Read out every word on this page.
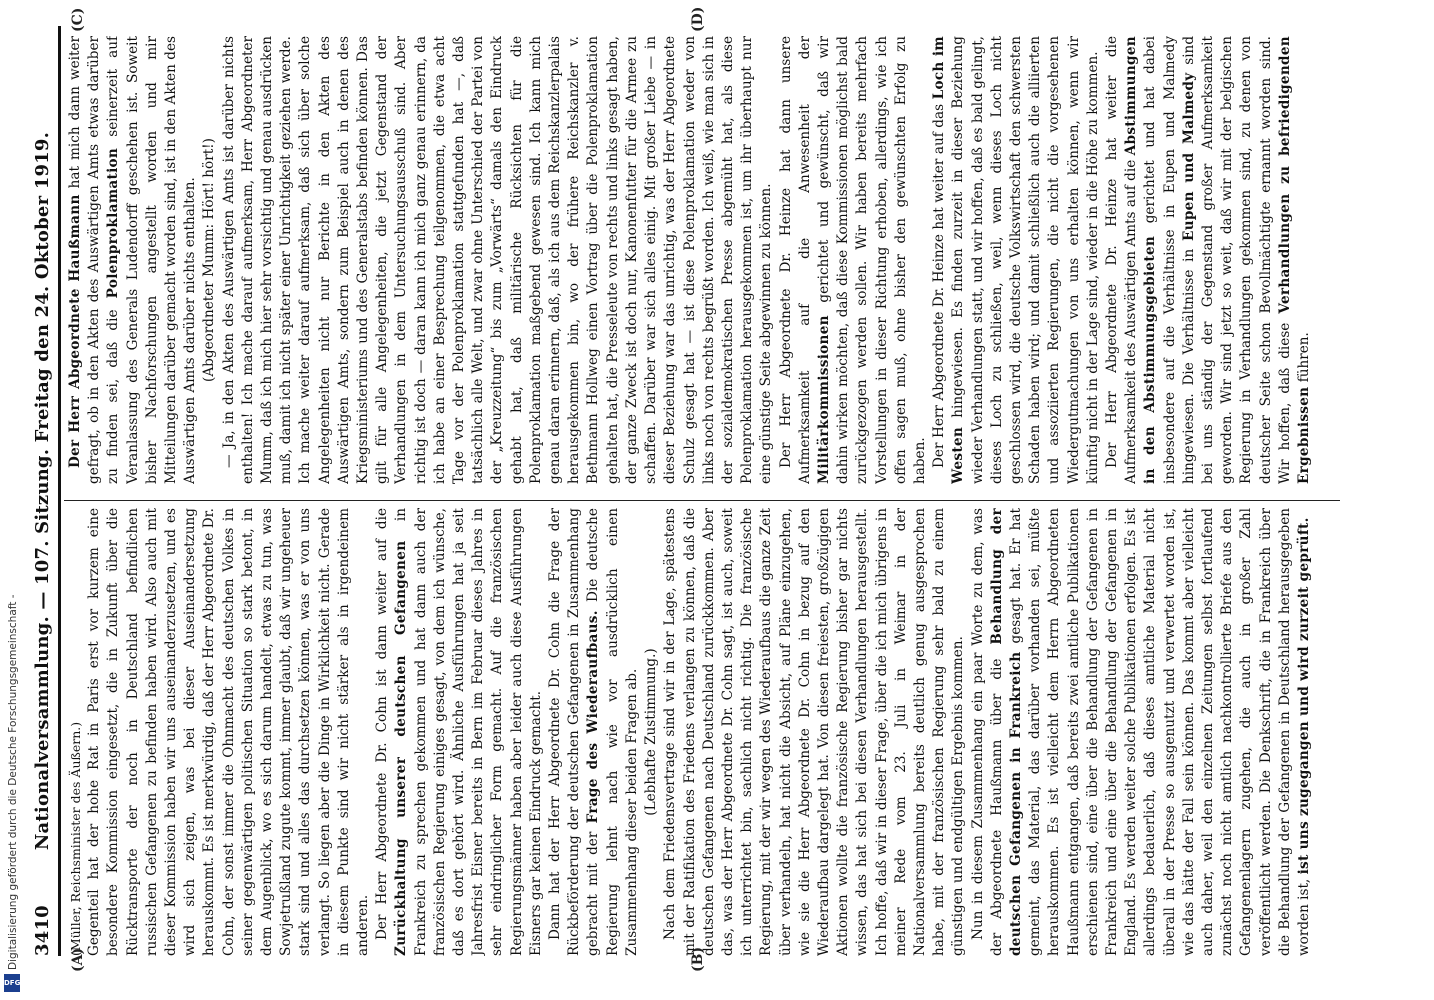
3410
Nationalversammlung. — 107. Sitzung. Freitag den 24. Oktober 1919.
(A)	(B)
(C)	(D)

(Müller, Reichsminister des Äußern.) Gegenteil hat der hohe Rat in Paris erst vor kurzem eine besondere Kommission eingesetzt, die in Zukunft über die Rücktransporte der noch in Deutschland befindlichen russischen Gefangenen zu befinden haben wird. Also auch mit dieser Kommission haben wir uns auseinanderzusetzen, und es wird sich zeigen, was bei dieser Auseinandersetzung herauskommt. Es ist merkwürdig, daß der Herr Abgeordnete Dr. Cohn, der sonst immer die Ohnmacht des deutschen Volkes in seiner gegenwärtigen politischen Situation so stark betont, in dem Augenblick, wo es sich darum handelt, etwas zu tun, was Sowjetrußland zugute kommt, immer glaubt, daß wir ungeheuer stark sind und alles das durchsetzen können, was er von uns verlangt. So liegen aber die Dinge in Wirklichkeit nicht. Gerade in diesem Punkte sind wir nicht stärker als in irgendeinem anderen. Der Herr Abgeordnete Dr. Cohn ist dann weiter auf die Zurückhaltung unserer deutschen Gefangenen in Frankreich zu sprechen gekommen und hat dann auch der französischen Regierung einiges gesagt, von dem ich wünsche, daß es dort gehört wird. Ähnliche Ausführungen hat ja seit Jahresfrist Eisner bereits in Bern im Februar dieses Jahres in sehr eindringlicher Form gemacht. Auf die französischen Regierungsmänner haben aber leider auch diese Ausführungen Eisners gar keinen Eindruck gemacht. Dann hat der Herr Abgeordnete Dr. Cohn die Frage der Rückbeförderung der deutschen Gefangenen in Zusammenhang gebracht mit der Frage des Wiederaufbaus. Die deutsche Regierung lehnt nach wie vor ausdrücklich einen Zusammenhang dieser beiden Fragen ab. (Lebhafte Zustimmung.) Nach dem Friedensvertrage sind wir in der Lage, spätestens mit der Ratifikation des Friedens verlangen zu können, daß die deutschen Gefangenen nach Deutschland zurückkommen. Aber das, was der Herr Abgeordnete Dr. Cohn sagt, ist auch, soweit ich unterrichtet bin, sachlich nicht richtig. Die französische Regierung, mit der wir wegen des Wiederaufbaus die ganze Zeit über verhandeln, hat nicht die Absicht, auf Pläne einzugehen, wie sie die Herr Abgeordnete Dr. Cohn in bezug auf den Wiederaufbau dargelegt hat. Von diesen freiesten, großzügigen Aktionen wollte die französische Regierung bisher gar nichts wissen, das hat sich bei diesen Verhandlungen herausgestellt. Ich hoffe, daß wir in dieser Frage, über die ich mich übrigens in meiner Rede vom 23. Juli in Weimar in der Nationalversammlung bereits deutlich genug ausgesprochen habe, mit der französischen Regierung sehr bald zu einem günstigen und endgültigen Ergebnis kommen. Nun in diesem Zusammenhang ein paar Worte zu dem, was der Abgeordnete Haußmann über die Behandlung der deutschen Gefangenen in Frankreich gesagt hat. Er hat gemeint, das Material, das darüber vorhanden sei, müßte herauskommen. Es ist vielleicht dem Herrn Abgeordneten Haußmann entgangen, daß bereits zwei amtliche Publikationen erschienen sind, eine über die Behandlung der Gefangenen in Frankreich und eine über die Behandlung der Gefangenen in England. Es werden weiter solche Publikationen erfolgen. Es ist allerdings bedauerlich, daß dieses amtliche Material nicht überall in der Presse so ausgenutzt und verwertet worden ist, wie das hätte der Fall sein können. Das kommt aber vielleicht auch daher, weil den einzelnen Zeitungen selbst fortlaufend zunächst noch nicht amtlich nachkontrollierte Briefe aus den Gefangenenlagern zugehen, die auch in großer Zahl veröffentlicht werden. Die Denkschrift, die in Frankreich über die Behandlung der Gefangenen in Deutschland herausgegeben worden ist, ist uns zugegangen und wird zurzeit geprüft.

Der Herr Abgeordnete Haußmann hat mich dann weiter gefragt, ob in den Akten des Auswärtigen Amts etwas darüber zu finden sei, daß die Polenproklamation seinerzeit auf Veranlassung des Generals Ludendorff geschehen ist. Soweit bisher Nachforschungen angestellt worden und mir Mitteilungen darüber gemacht worden sind, ist in den Akten des Auswärtigen Amts darüber nichts enthalten. (Abgeordneter Mumm: Hört! hört!) — Ja, in den Akten des Auswärtigen Amts ist darüber nichts enthalten! Ich mache darauf aufmerksam, Herr Abgeordneter Mumm, daß ich mich hier sehr vorsichtig und genau ausdrücken muß, damit ich nicht später einer Unrichtigkeit geziehen werde. Ich mache weiter darauf aufmerksam, daß sich über solche Angelegenheiten nicht nur Berichte in den Akten des Auswärtigen Amts, sondern zum Beispiel auch in denen des Kriegsministeriums und des Generalstabs befinden können. Das gilt für alle Angelegenheiten, die jetzt Gegenstand der Verhandlungen in dem Untersuchungsausschuß sind. Aber richtig ist doch — daran kann ich mich ganz genau erinnern, da ich habe an einer Besprechung teilgenommen, die etwa acht Tage vor der Polenproklamation stattgefunden hat —, daß tatsächlich alle Welt, und zwar ohne Unterschied der Partei von der „Kreuzzeitung“ bis zum „Vorwärts“ damals den Eindruck gehabt hat, daß militärische Rücksichten für die Polenproklamation maßgebend gewesen sind. Ich kann mich genau daran erinnern, daß, als ich aus dem Reichskanzlerpalais herausgekommen bin, wo der frühere Reichskanzler v. Bethmann Hollweg einen Vortrag über die Polenproklamation gehalten hat, die Presseleute von rechts und links gesagt haben, der ganze Zweck ist doch nur, Kanonenfutter für die Armee zu schaffen. Darüber war sich alles einig. Mit großer Liebe — in dieser Beziehung war das unrichtig, was der Herr Abgeordnete Schulz gesagt hat — ist diese Polenproklamation weder von links noch von rechts begrüßt worden. Ich weiß, wie man sich in der sozialdemokratischen Presse abgemüht hat, als diese Polenproklamation herausgekommen ist, um ihr überhaupt nur eine günstige Seite abgewinnen zu können. Der Herr Abgeordnete Dr. Heinze hat dann unsere Aufmerksamkeit auf die Anwesenheit der Militärkommissionen gerichtet und gewünscht, daß wir dahin wirken möchten, daß diese Kommissionen möglichst bald zurückgezogen werden sollen. Wir haben bereits mehrfach Vorstellungen in dieser Richtung erhoben, allerdings, wie ich offen sagen muß, ohne bisher den gewünschten Erfolg zu haben. Der Herr Abgeordnete Dr. Heinze hat weiter auf das Loch im Westen hingewiesen. Es finden zurzeit in dieser Beziehung wieder Verhandlungen statt, und wir hoffen, daß es bald gelingt, dieses Loch zu schließen, weil, wenn dieses Loch nicht geschlossen wird, die deutsche Volkswirtschaft den schwersten Schaden haben wird; und damit schließlich auch die alliierten und assoziierten Regierungen, die nicht die vorgesehenen Wiedergutmachungen von uns erhalten können, wenn wir künftig nicht in der Lage sind, wieder in die Höhe zu kommen. Der Herr Abgeordnete Dr. Heinze hat weiter die Aufmerksamkeit des Auswärtigen Amts auf die Abstimmungen in den Abstimmungsgebieten gerichtet und hat dabei insbesondere auf die Verhältnisse in Eupen und Malmedy hingewiesen. Die Verhältnisse in Eupen und Malmedy sind bei uns ständig der Gegenstand großer Aufmerksamkeit geworden. Wir sind jetzt so weit, daß wir mit der belgischen Regierung in Verhandlungen gekommen sind, zu denen von deutscher Seite schon Bevollmächtigte ernannt worden sind. Wir hoffen, daß diese Verhandlungen zu befriedigenden Ergebnissen führen.

Digitalisierung gefördert durch die Deutsche Forschungsgemeinschaft -
DFG
